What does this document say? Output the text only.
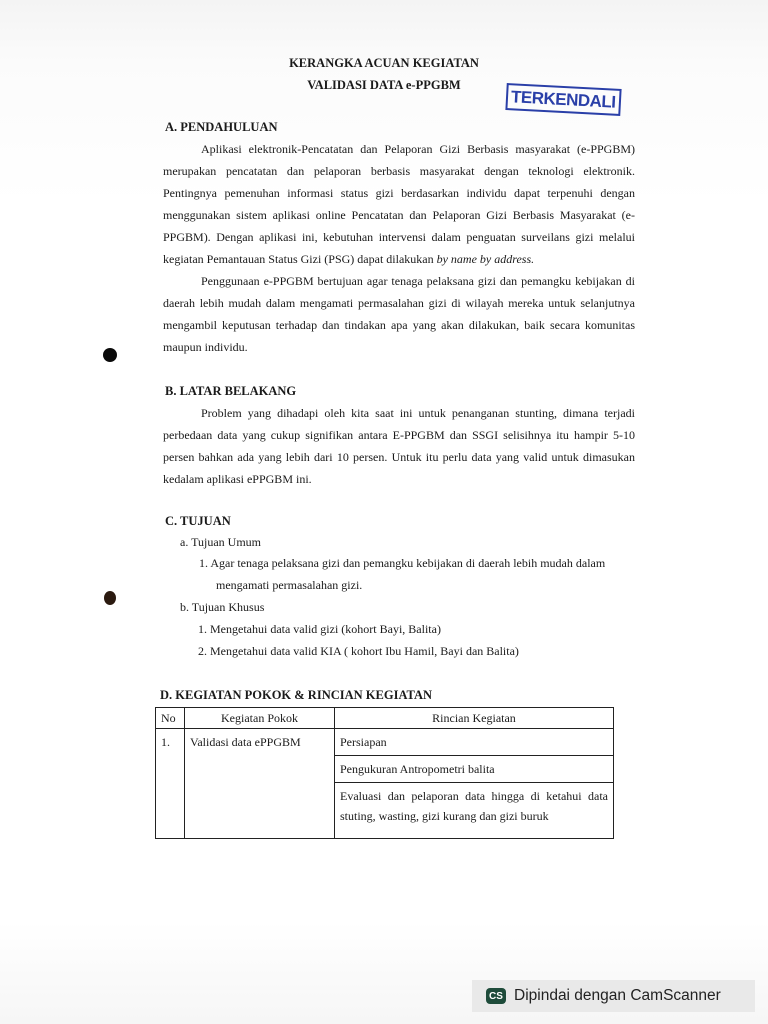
KERANGKA ACUAN KEGIATAN
VALIDASI DATA e-PPGBM
TERKENDALI
A. PENDAHULUAN
Aplikasi elektronik-Pencatatan dan Pelaporan Gizi Berbasis masyarakat (e-PPGBM)
merupakan pencatatan dan pelaporan berbasis masyarakat dengan teknologi elektronik.
Pentingnya pemenuhan informasi status gizi berdasarkan individu dapat terpenuhi dengan
menggunakan sistem aplikasi online Pencatatan dan Pelaporan Gizi Berbasis Masyarakat (e-
PPGBM). Dengan aplikasi ini, kebutuhan intervensi dalam penguatan surveilans gizi melalui
kegiatan Pemantauan Status Gizi (PSG) dapat dilakukan by name by address.
Penggunaan e-PPGBM bertujuan agar tenaga pelaksana gizi dan pemangku kebijakan di
daerah lebih mudah dalam mengamati permasalahan gizi di wilayah mereka untuk selanjutnya
mengambil keputusan terhadap dan tindakan apa yang akan dilakukan, baik secara komunitas
maupun individu.
B. LATAR BELAKANG
Problem yang dihadapi oleh kita saat ini untuk penanganan stunting, dimana terjadi
perbedaan data yang cukup signifikan antara E-PPGBM dan SSGI selisihnya itu hampir 5-10
persen bahkan ada yang lebih dari 10 persen. Untuk itu perlu data yang valid untuk dimasukan
kedalam aplikasi ePPGBM ini.
C. TUJUAN
a. Tujuan Umum
1. Agar tenaga pelaksana gizi dan pemangku kebijakan di daerah lebih mudah dalam
mengamati permasalahan gizi.
b. Tujuan Khusus
1. Mengetahui data valid gizi (kohort Bayi, Balita)
2. Mengetahui data valid KIA ( kohort Ibu Hamil, Bayi dan Balita)
D. KEGIATAN POKOK & RINCIAN KEGIATAN
No	Kegiatan Pokok	Rincian Kegiatan
1.	Validasi data ePPGBM	Persiapan
		Pengukuran Antropometri balita
		Evaluasi dan pelaporan data hingga di ketahui data stuting, wasting, gizi kurang dan gizi buruk
CS Dipindai dengan CamScanner
